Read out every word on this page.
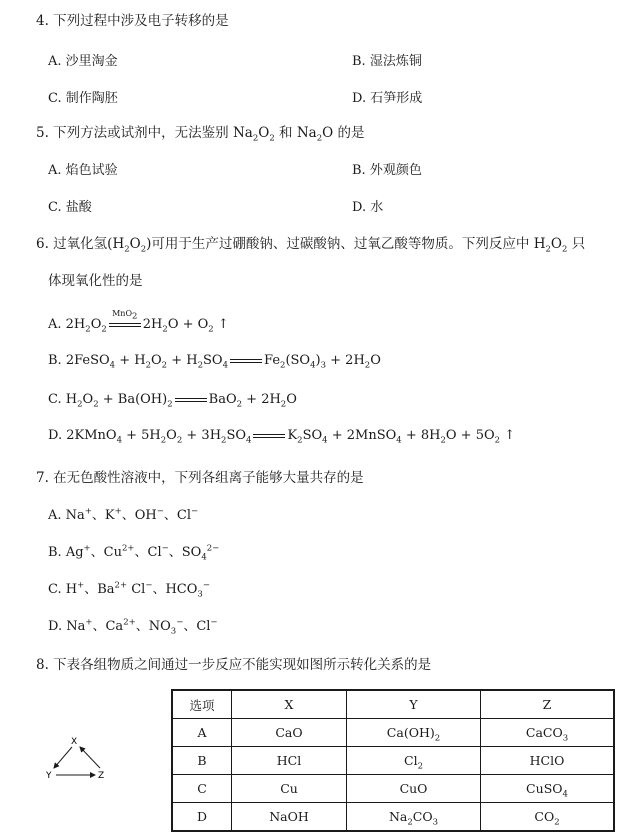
4. 下列过程中涉及电子转移的是
A. 沙里淘金	B. 湿法炼铜
C. 制作陶胚	D. 石笋形成
5. 下列方法或试剂中，无法鉴别 $Na_2O_2$ 和 $Na_2O$ 的是
A. 焰色试验	B. 外观颜色
C. 盐酸	D. 水
6. 过氧化氢$(H_2O_2)$可用于生产过硼酸钠、过碳酸钠、过氧乙酸等物质。下列反应中 $H_2O_2$ 只
体现氧化性的是
A. $2H_2O_2$
MnO$_2$
$2H_2O + O_2$ ↑
B. 2FeSO$_4$ + $H_2O_2 + H_2SO_4$	$Fe_2(SO_4)_3 + 2H_2O$
C. $H_2O_2 + Ba(OH)_2$	$BaO_2 + 2H_2O$
D. 2KMnO$_4$ + $5H_2O_2 + 3H_2SO_4$	$K_2SO_4$ + 2MnSO$_4$ + $8H_2O + 5O_2$ ↑
7. 在无色酸性溶液中，下列各组离子能够大量共存的是
A. Na+、K+、OH−、Cl−
B. Ag+、$Cu^{2+}$、Cl−、$SO_4^{2-}$
C. H+、$Ba^{2+}$ Cl−、$HCO_3^-$
D. Na+、$Ca^{2+}$、$NO_3^-$、Cl−
8. 下表各组物质之间通过一步反应不能实现如图所示转化关系的是
X
Y	Z
选项	X	Y	Z
A	CaO	$Ca(OH)_2$	CaCO$_3$
B	HCl	$Cl_2$	HClO
C	Cu	CuO	CuSO$_4$
D	NaOH	$Na_2CO_3$	$CO_2$
